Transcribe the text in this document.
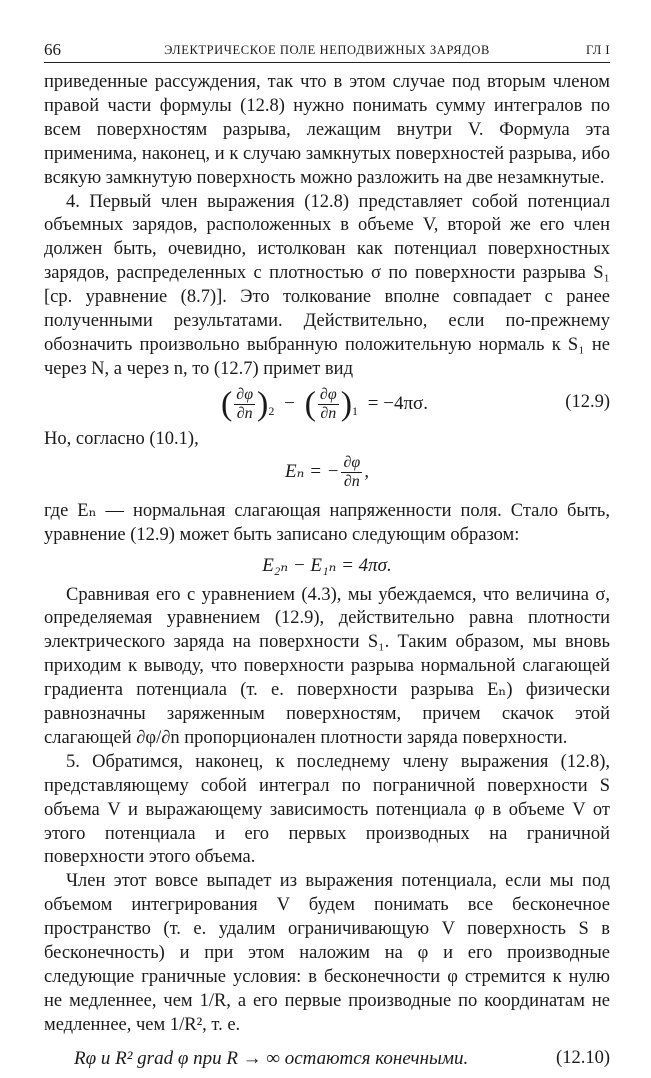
66	ЭЛЕКТРИЧЕСКОЕ ПОЛЕ НЕПОДВИЖНЫХ ЗАРЯДОВ	ГЛ I

приведенные рассуждения, так что в этом случае под вторым членом правой части формулы (12.8) нужно понимать сумму интегралов по всем поверхностям разрыва, лежащим внутри V. Формула эта применима, наконец, и к случаю замкнутых поверхностей разрыва, ибо всякую замкнутую поверхность можно разложить на две незамкнутые.

4. Первый член выражения (12.8) представляет собой потенциал объемных зарядов, расположенных в объеме V, второй же его член должен быть, очевидно, истолкован как потенциал поверхностных зарядов, распределенных с плотностью σ по поверхности разрыва S₁ [ср. уравнение (8.7)]. Это толкование вполне совпадает с ранее полученными результатами. Действительно, если по-прежнему обозначить произвольно выбранную положительную нормаль к S₁ не через N, а через n, то (12.7) примет вид

( $\frac{\partial\varphi}{\partial n} )_2$ − ( $\frac{\partial\varphi}{\partial n} )_1 = -4\pi\sigma$.	(12.9)

Но, согласно (10.1),

Eₙ = − $\frac{\partial\varphi}{\partial n}$ ,

где Eₙ — нормальная слагающая напряженности поля. Стало быть, уравнение (12.9) может быть записано следующим образом:

E₂ₙ − E₁ₙ = 4πσ.

Сравнивая его с уравнением (4.3), мы убеждаемся, что величина σ, определяемая уравнением (12.9), действительно равна плотности электрического заряда на поверхности S₁. Таким образом, мы вновь приходим к выводу, что поверхности разрыва нормальной слагающей градиента потенциала (т. е. поверхности разрыва Eₙ) физически равнозначны заряженным поверхностям, причем скачок этой слагающей ∂φ/∂n пропорционален плотности заряда поверхности.

5. Обратимся, наконец, к последнему члену выражения (12.8), представляющему собой интеграл по пограничной поверхности S объема V и выражающему зависимость потенциала φ в объеме V от этого потенциала и его первых производных на граничной поверхности этого объема.

Член этот вовсе выпадет из выражения потенциала, если мы под объемом интегрирования V будем понимать все бесконечное пространство (т. е. удалим ограничивающую V поверхность S в бесконечность) и при этом наложим на φ и его производные следующие граничные условия: в бесконечности φ стремится к нулю не медленнее, чем 1/R, а его первые производные по координатам не медленнее, чем 1/R², т. е.

Rφ и R² grad φ при R → ∞ остаются конечными.	(12.10)
